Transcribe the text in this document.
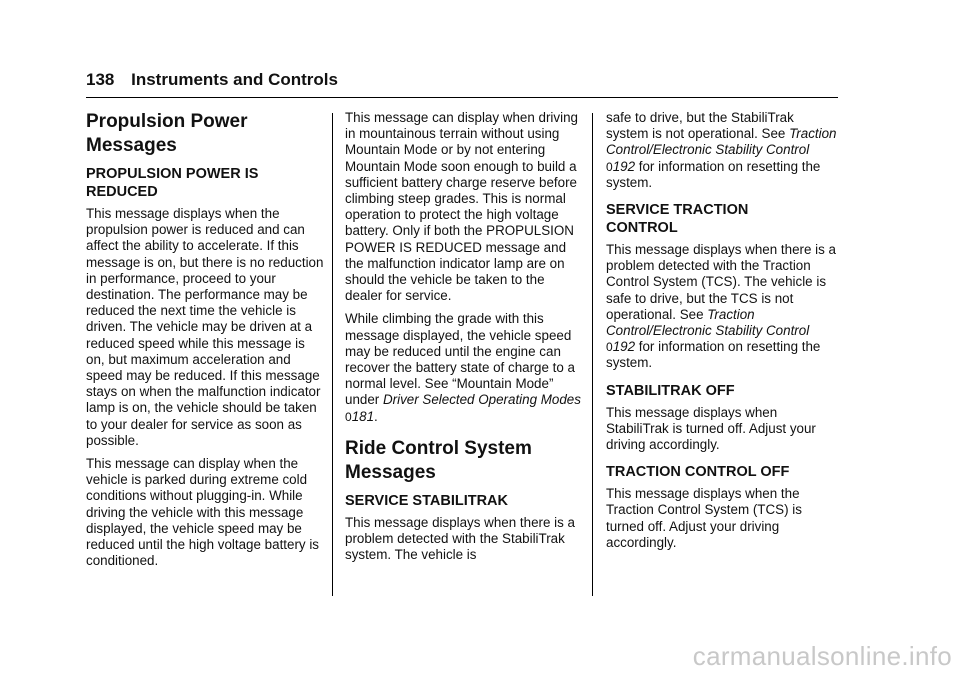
138 Instruments and Controls
Propulsion Power
Messages
PROPULSION POWER IS
REDUCED

This message displays when the propulsion power is reduced and can affect the ability to accelerate. If this message is on, but there is no reduction in performance, proceed to your destination. The performance may be reduced the next time the vehicle is driven. The vehicle may be driven at a reduced speed while this message is on, but maximum acceleration and speed may be reduced. If this message stays on when the malfunction indicator lamp is on, the vehicle should be taken to your dealer for service as soon as possible.

This message can display when the vehicle is parked during extreme cold conditions without plugging-in. While driving the vehicle with this message displayed, the vehicle speed may be reduced until the high voltage battery is conditioned.

This message can display when driving in mountainous terrain without using Mountain Mode or by not entering Mountain Mode soon enough to build a sufficient battery charge reserve before climbing steep grades. This is normal operation to protect the high voltage battery. Only if both the PROPULSION POWER IS REDUCED message and the malfunction indicator lamp are on should the vehicle be taken to the dealer for service.

While climbing the grade with this message displayed, the vehicle speed may be reduced until the engine can recover the battery state of charge to a normal level. See “Mountain Mode” under Driver Selected Operating Modes 0181.

Ride Control System
Messages
SERVICE STABILITRAK

This message displays when there is a problem detected with the StabiliTrak system. The vehicle is

safe to drive, but the StabiliTrak system is not operational. See Traction Control/Electronic Stability Control 0192 for information on resetting the system.

SERVICE TRACTION
CONTROL

This message displays when there is a problem detected with the Traction Control System (TCS). The vehicle is safe to drive, but the TCS is not operational. See Traction Control/Electronic Stability Control 0192 for information on resetting the system.

STABILITRAK OFF

This message displays when StabiliTrak is turned off. Adjust your driving accordingly.

TRACTION CONTROL OFF

This message displays when the Traction Control System (TCS) is turned off. Adjust your driving accordingly.

carmanualsonline.info
